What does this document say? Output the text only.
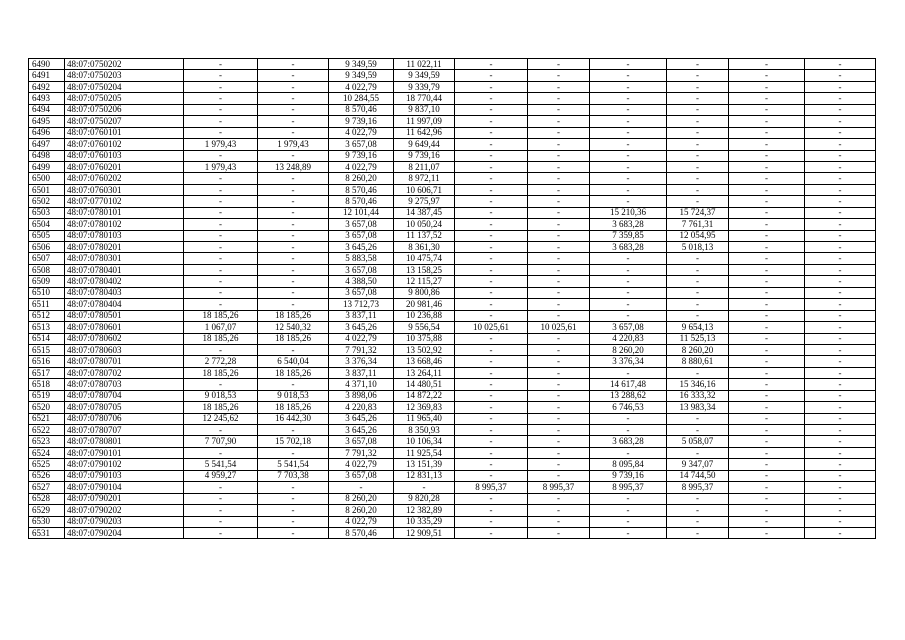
6490	48:07:0750202	-	-	9 349,59	11 022,11	-	-	-	-	-	-
6491	48:07:0750203	-	-	9 349,59	9 349,59	-	-	-	-	-	-
6492	48:07:0750204	-	-	4 022,79	9 339,79	-	-	-	-	-	-
6493	48:07:0750205	-	-	10 284,55	18 770,44	-	-	-	-	-	-
6494	48:07:0750206	-	-	8 570,46	9 837,10	-	-	-	-	-	-
6495	48:07:0750207	-	-	9 739,16	11 997,09	-	-	-	-	-	-
6496	48:07:0760101	-	-	4 022,79	11 642,96	-	-	-	-	-	-
6497	48:07:0760102	1 979,43	1 979,43	3 657,08	9 649,44	-	-	-	-	-	-
6498	48:07:0760103	-	-	9 739,16	9 739,16	-	-	-	-	-	-
6499	48:07:0760201	1 979,43	13 248,89	4 022,79	8 211,07	-	-	-	-	-	-
6500	48:07:0760202	-	-	8 260,20	8 972,11	-	-	-	-	-	-
6501	48:07:0760301	-	-	8 570,46	10 606,71	-	-	-	-	-	-
6502	48:07:0770102	-	-	8 570,46	9 275,97	-	-	-	-	-	-
6503	48:07:0780101	-	-	12 101,44	14 387,45	-	-	15 210,36	15 724,37	-	-
6504	48:07:0780102	-	-	3 657,08	10 050,24	-	-	3 683,28	7 761,31	-	-
6505	48:07:0780103	-	-	3 657,08	11 137,52	-	-	7 359,85	12 054,95	-	-
6506	48:07:0780201	-	-	3 645,26	8 361,30	-	-	3 683,28	5 018,13	-	-
6507	48:07:0780301	-	-	5 883,58	10 475,74	-	-	-	-	-	-
6508	48:07:0780401	-	-	3 657,08	13 158,25	-	-	-	-	-	-
6509	48:07:0780402	-	-	4 388,50	12 115,27	-	-	-	-	-	-
6510	48:07:0780403	-	-	3 657,08	9 800,86	-	-	-	-	-	-
6511	48:07:0780404	-	-	13 712,73	20 981,46	-	-	-	-	-	-
6512	48:07:0780501	18 185,26	18 185,26	3 837,11	10 236,88	-	-	-	-	-	-
6513	48:07:0780601	1 067,07	12 540,32	3 645,26	9 556,54	10 025,61	10 025,61	3 657,08	9 654,13	-	-
6514	48:07:0780602	18 185,26	18 185,26	4 022,79	10 375,88	-	-	4 220,83	11 525,13	-	-
6515	48:07:0780603	-	-	7 791,32	13 502,92	-	-	8 260,20	8 260,20	-	-
6516	48:07:0780701	2 772,28	6 540,04	3 376,34	13 668,46	-	-	3 376,34	8 880,61	-	-
6517	48:07:0780702	18 185,26	18 185,26	3 837,11	13 264,11	-	-	-	-	-	-
6518	48:07:0780703	-	-	4 371,10	14 480,51	-	-	14 617,48	15 346,16	-	-
6519	48:07:0780704	9 018,53	9 018,53	3 898,06	14 872,22	-	-	13 288,62	16 333,32	-	-
6520	48:07:0780705	18 185,26	18 185,26	4 220,83	12 369,83	-	-	6 746,53	13 983,34	-	-
6521	48:07:0780706	12 245,62	16 442,30	3 645,26	11 965,40	-	-	-	-	-	-
6522	48:07:0780707	-	-	3 645,26	8 350,93	-	-	-	-	-	-
6523	48:07:0780801	7 707,90	15 702,18	3 657,08	10 106,34	-	-	3 683,28	5 058,07	-	-
6524	48:07:0790101	-	-	7 791,32	11 925,54	-	-	-	-	-	-
6525	48:07:0790102	5 541,54	5 541,54	4 022,79	13 151,39	-	-	8 095,84	9 347,07	-	-
6526	48:07:0790103	4 959,27	7 703,38	3 657,08	12 831,13	-	-	9 739,16	14 744,50	-	-
6527	48:07:0790104	-	-	-	-	8 995,37	8 995,37	8 995,37	8 995,37	-	-
6528	48:07:0790201	-	-	8 260,20	9 820,28	-	-	-	-	-	-
6529	48:07:0790202	-	-	8 260,20	12 382,89	-	-	-	-	-	-
6530	48:07:0790203	-	-	4 022,79	10 335,29	-	-	-	-	-	-
6531	48:07:0790204	-	-	8 570,46	12 909,51	-	-	-	-	-	-
